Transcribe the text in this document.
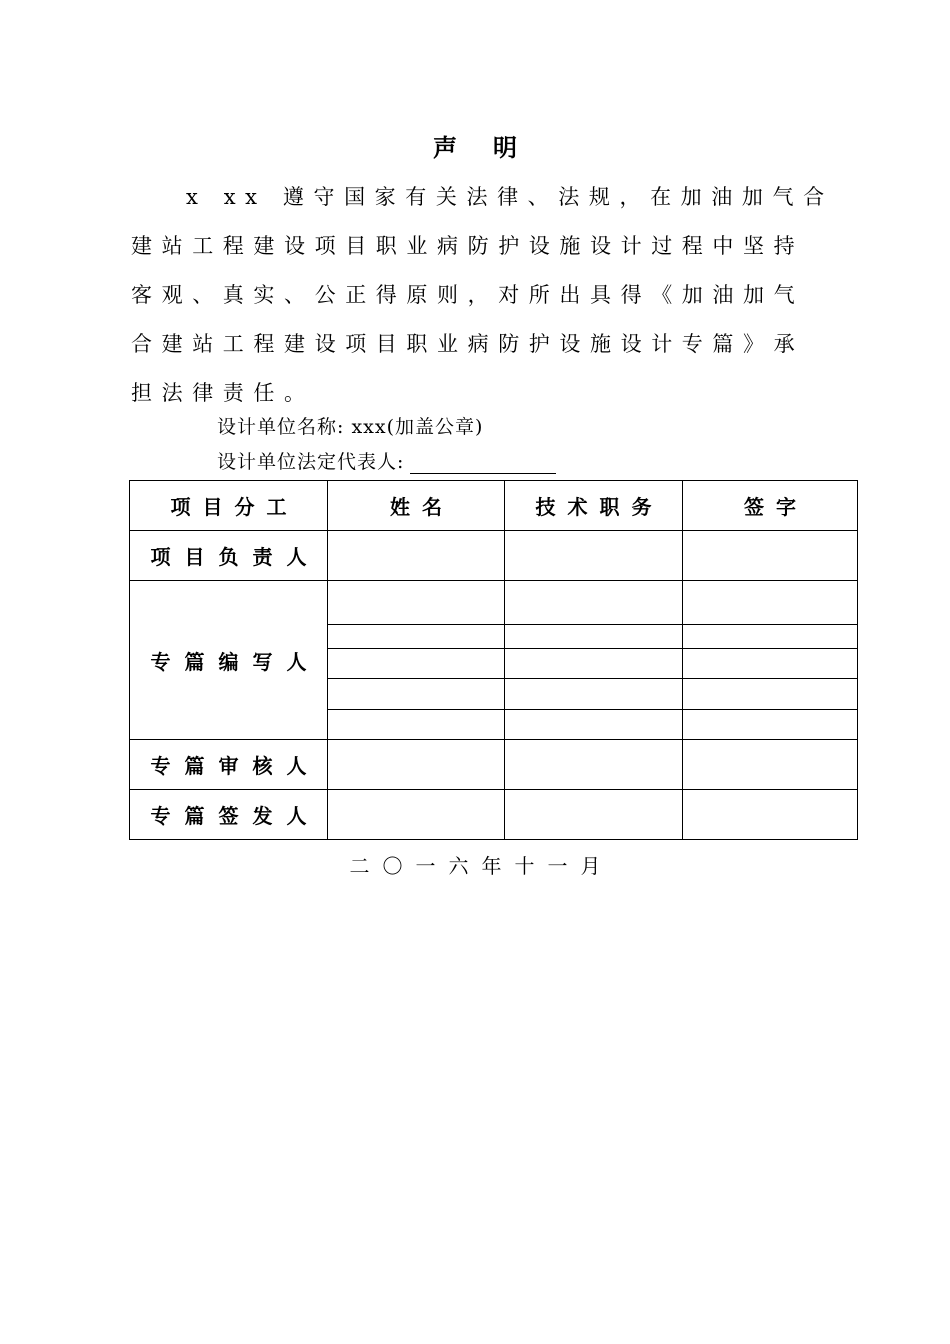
声明
x xx 遵守国家有关法律、法规，在加油加气合
建站工程建设项目职业病防护设施设计过程中坚持
客观、真实、公正得原则，对所出具得《加油加气
合建站工程建设项目职业病防护设施设计专篇》承
担法律责任。
设计单位名称: xxx(加盖公章)
设计单位法定代表人:
项目分工	姓名	技术职务	签字
项目负责人			
专篇编写人			

专篇审核人			
专篇签发人			
二〇一六年十一月
